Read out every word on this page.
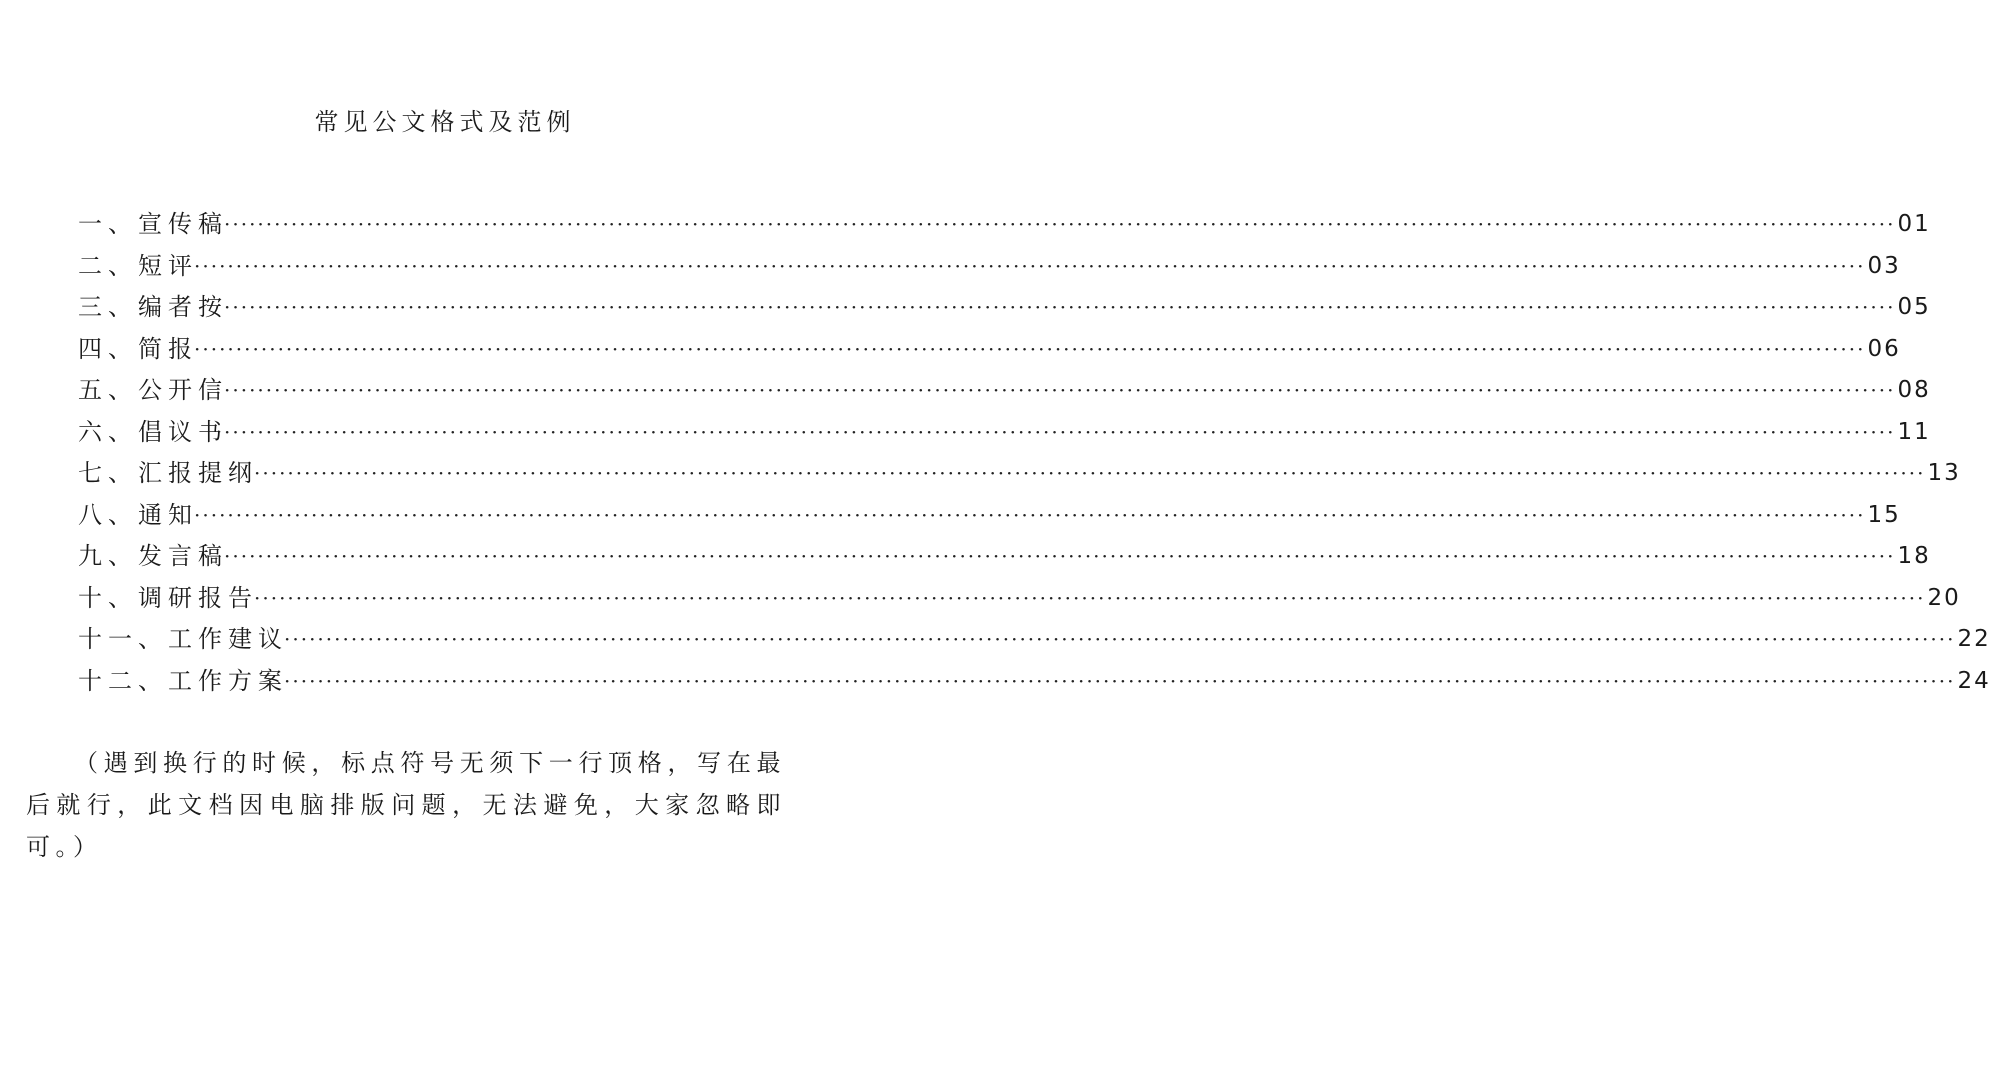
常见公文格式及范例
一、宣传稿
········································································································································································································ 01
二、短评
········································································································································································································ 03
三、编者按
········································································································································································································ 05
四、简报
········································································································································································································ 06
五、公开信
········································································································································································································ 08
六、倡议书
········································································································································································································ 11
七、汇报提纲
········································································································································································································ 13
八、通知
········································································································································································································ 15
九、发言稿
········································································································································································································ 18
十、调研报告
········································································································································································································ 20
十一、工作建议
········································································································································································································ 22
十二、工作方案
········································································································································································································ 24

（遇到换行的时候，标点符号无须下一行顶格，写在最后就行，此文档因电脑排版问题，无法避免，大家忽略即可。）
